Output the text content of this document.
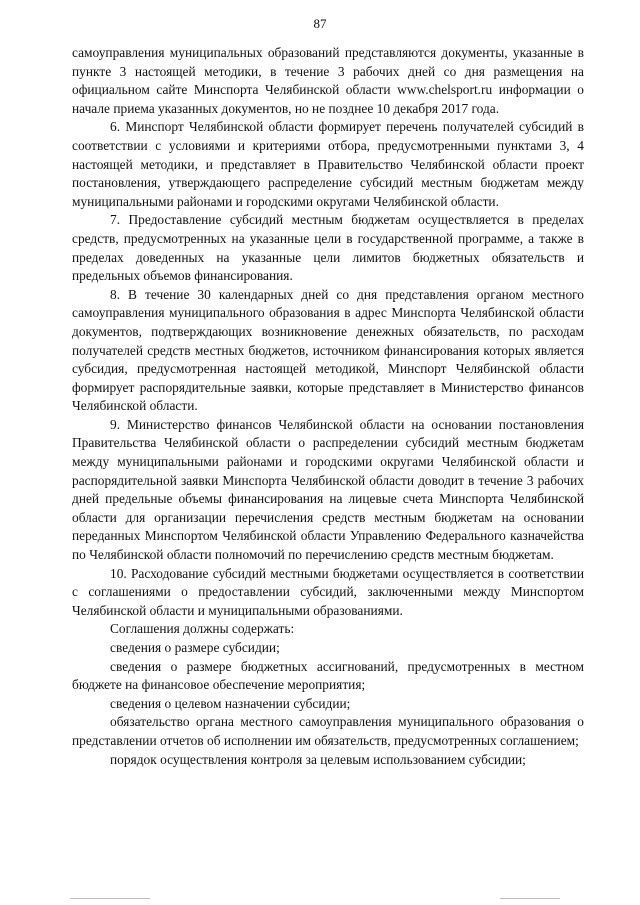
87

самоуправления муниципальных образований представляются документы, указанные в пункте 3 настоящей методики, в течение 3 рабочих дней со дня размещения на официальном сайте Минспорта Челябинской области www.chelsport.ru информации о начале приема указанных документов, но не позднее 10 декабря 2017 года.

6. Минспорт Челябинской области формирует перечень получателей субсидий в соответствии с условиями и критериями отбора, предусмотренными пунктами 3, 4 настоящей методики, и представляет в Правительство Челябинской области проект постановления, утверждающего распределение субсидий местным бюджетам между муниципальными районами и городскими округами Челябинской области.

7. Предоставление субсидий местным бюджетам осуществляется в пределах средств, предусмотренных на указанные цели в государственной программе, а также в пределах доведенных на указанные цели лимитов бюджетных обязательств и предельных объемов финансирования.

8. В течение 30 календарных дней со дня представления органом местного самоуправления муниципального образования в адрес Минспорта Челябинской области документов, подтверждающих возникновение денежных обязательств, по расходам получателей средств местных бюджетов, источником финансирования которых является субсидия, предусмотренная настоящей методикой, Минспорт Челябинской области формирует распорядительные заявки, которые представляет в Министерство финансов Челябинской области.

9. Министерство финансов Челябинской области на основании постановления Правительства Челябинской области о распределении субсидий местным бюджетам между муниципальными районами и городскими округами Челябинской области и распорядительной заявки Минспорта Челябинской области доводит в течение 3 рабочих дней предельные объемы финансирования на лицевые счета Минспорта Челябинской области для организации перечисления средств местным бюджетам на основании переданных Минспортом Челябинской области Управлению Федерального казначейства по Челябинской области полномочий по перечислению средств местным бюджетам.

10. Расходование субсидий местными бюджетами осуществляется в соответствии с соглашениями о предоставлении субсидий, заключенными между Минспортом Челябинской области и муниципальными образованиями.

Соглашения должны содержать:

сведения о размере субсидии;

сведения о размере бюджетных ассигнований, предусмотренных в местном бюджете на финансовое обеспечение мероприятия;

сведения о целевом назначении субсидии;

обязательство органа местного самоуправления муниципального образования о представлении отчетов об исполнении им обязательств, предусмотренных соглашением;

порядок осуществления контроля за целевым использованием субсидии;
